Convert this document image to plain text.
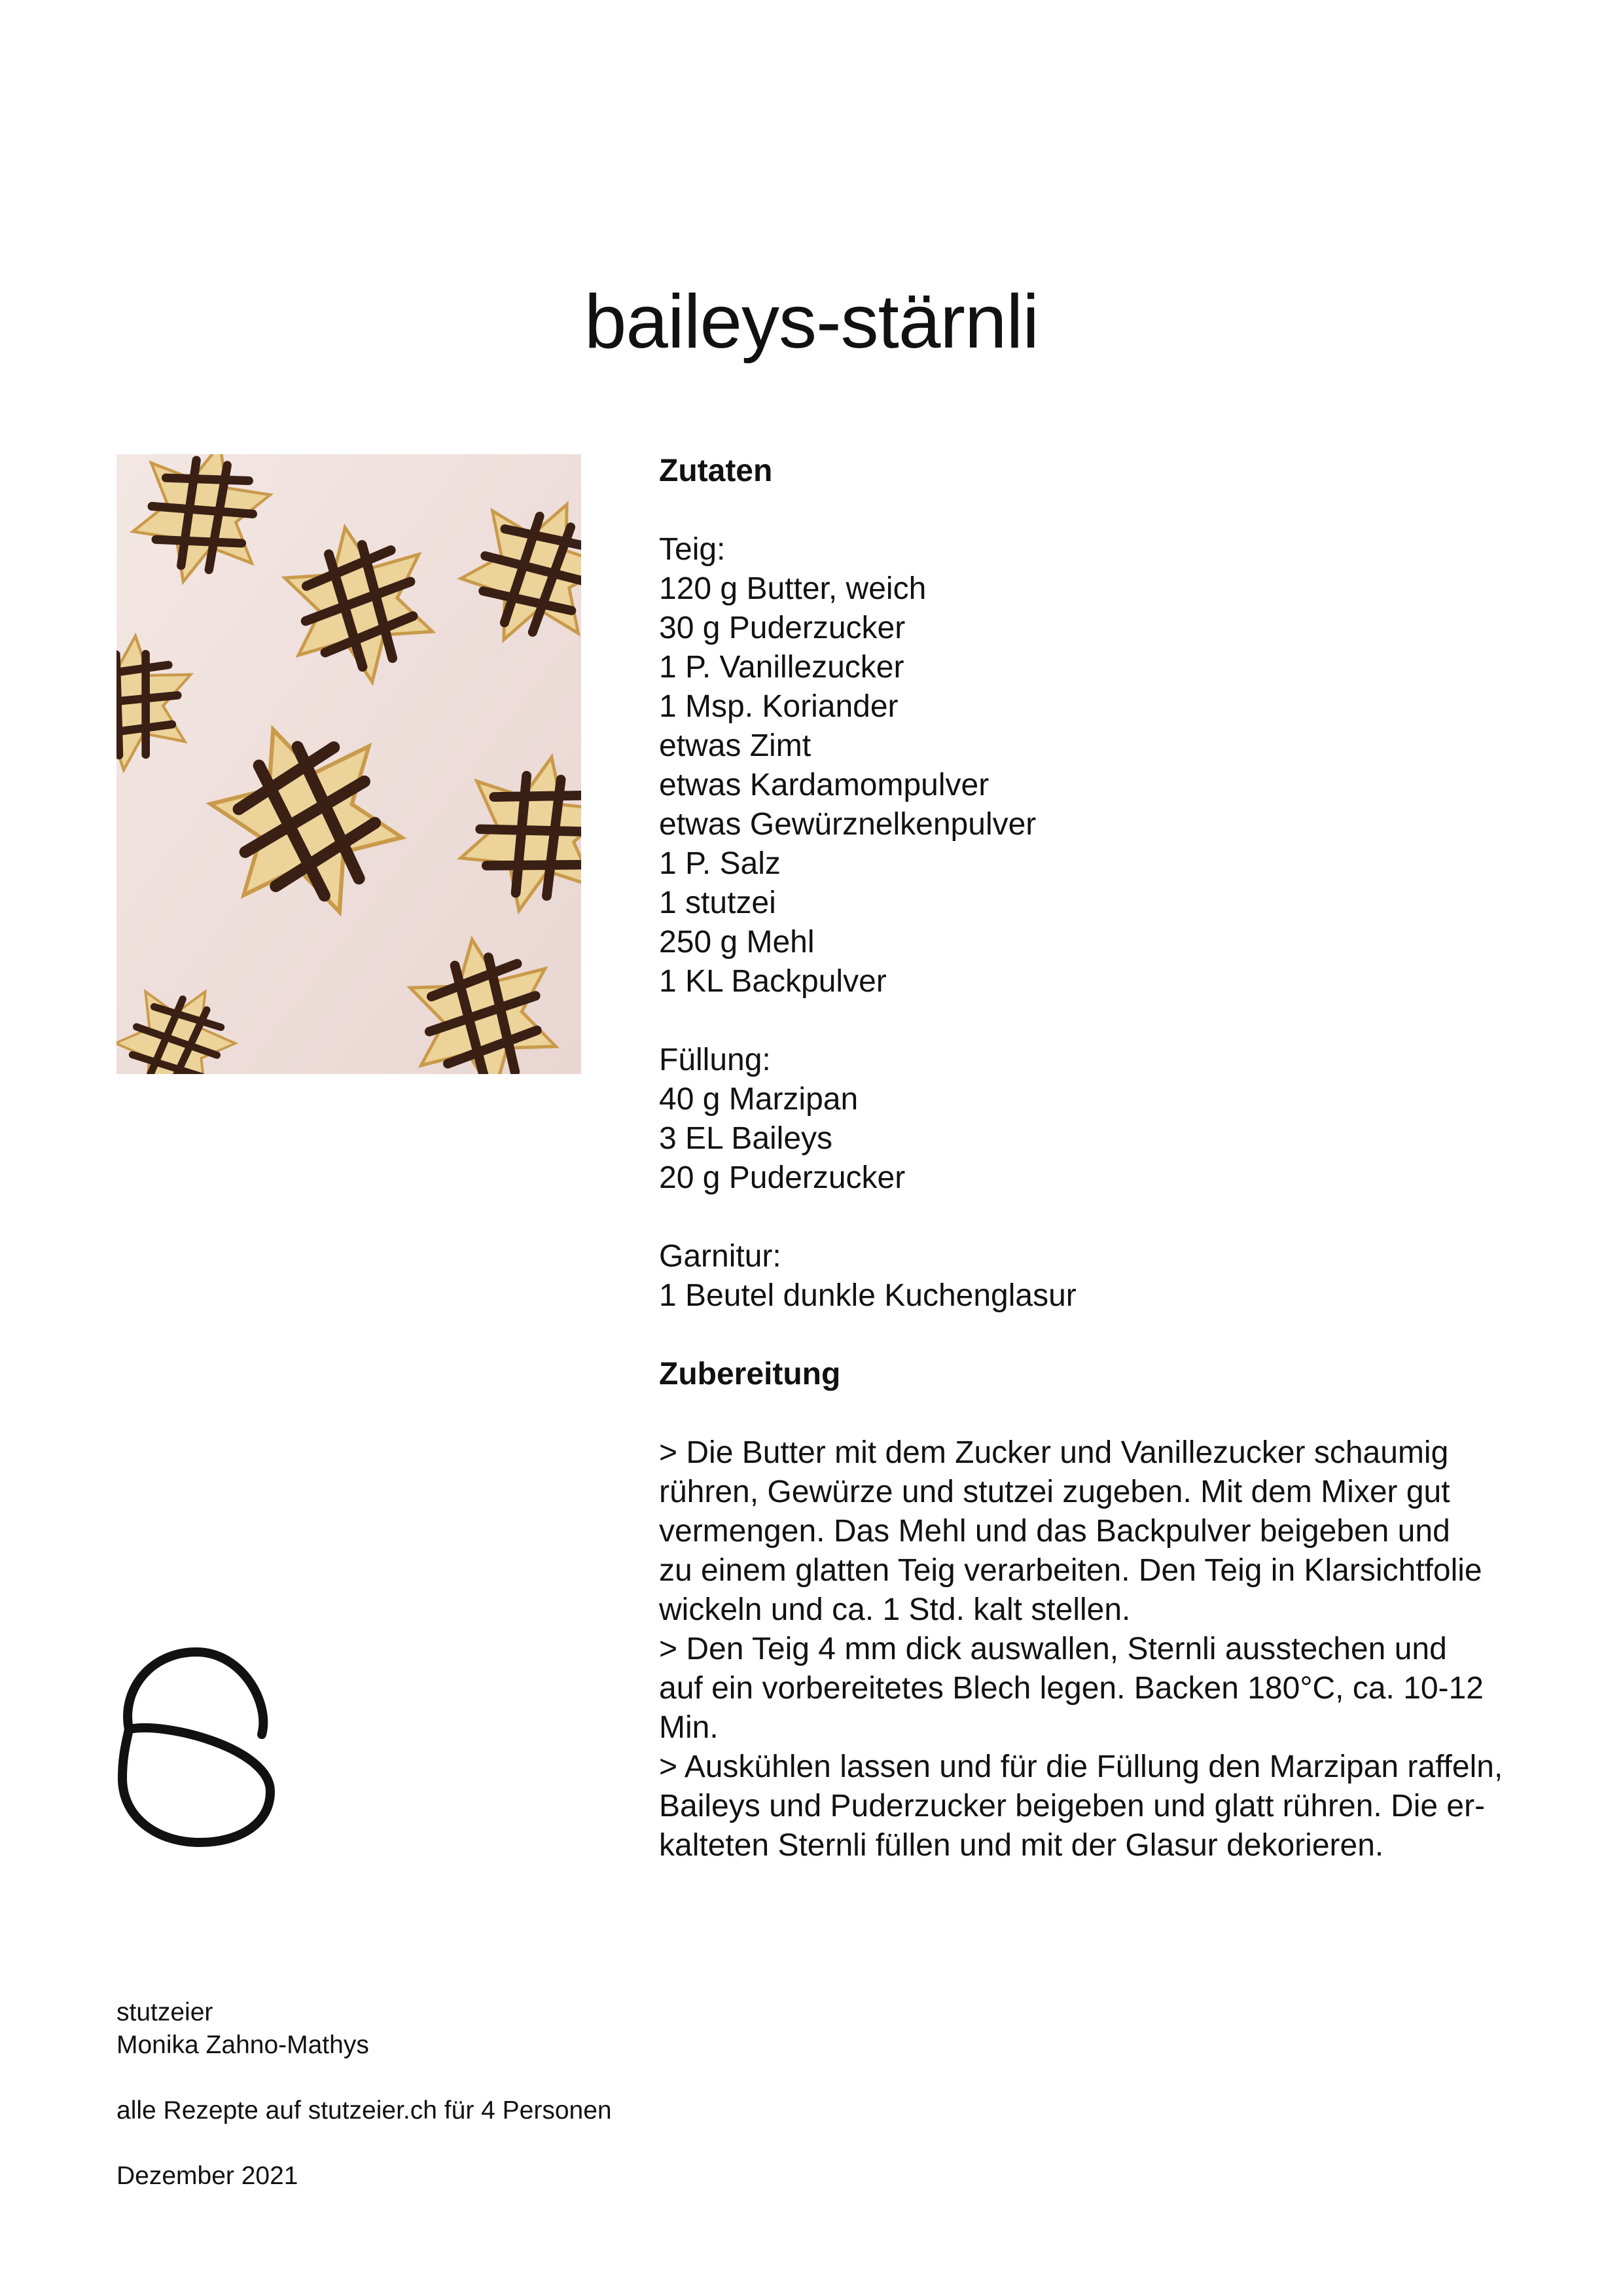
baileys-stärnli

Zutaten

Teig:

120 g Butter, weich

30 g Puderzucker

1 P. Vanillezucker

1 Msp. Koriander

etwas Zimt

etwas Kardamompulver

etwas Gewürznelkenpulver

1 P. Salz

1 stutzei

250 g Mehl

1 KL Backpulver

Füllung:

40 g Marzipan

3 EL Baileys

20 g Puderzucker

Garnitur:

1 Beutel dunkle Kuchenglasur

Zubereitung

> Die Butter mit dem Zucker und Vanillezucker schaumig

rühren, Gewürze und stutzei zugeben. Mit dem Mixer gut

vermengen. Das Mehl und das Backpulver beigeben und

zu einem glatten Teig verarbeiten. Den Teig in Klarsichtfolie

wickeln und ca. 1 Std. kalt stellen.

> Den Teig 4 mm dick auswallen, Sternli ausstechen und

auf ein vorbereitetes Blech legen. Backen 180°C, ca. 10-12

Min.

> Auskühlen lassen und für die Füllung den Marzipan raffeln,

Baileys und Puderzucker beigeben und glatt rühren. Die er-

kalteten Sternli füllen und mit der Glasur dekorieren.

stutzeier

Monika Zahno-Mathys

alle Rezepte auf stutzeier.ch für 4 Personen

Dezember 2021
